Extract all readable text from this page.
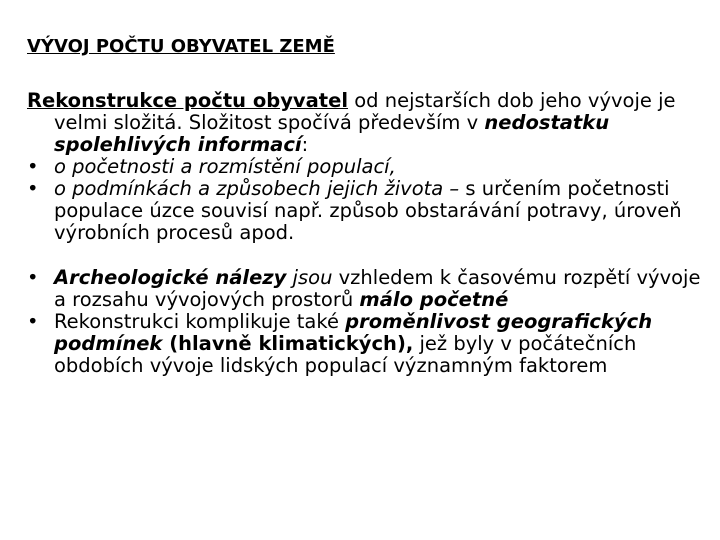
VÝVOJ POČTU OBYVATEL ZEMĚ

Rekonstrukce počtu obyvatel od nejstarších dob jeho vývoje je velmi složitá. Složitost spočívá především v nedostatku spolehlivých informací:

• o početnosti a rozmístění populací,
• o podmínkách a způsobech jejich života – s určením početnosti populace úzce souvisí např. způsob obstarávání potravy, úroveň výrobních procesů apod.
• Archeologické nálezy jsou vzhledem k časovému rozpětí vývoje a rozsahu vývojových prostorů málo početné
• Rekonstrukci komplikuje také proměnlivost geografických podmínek (hlavně klimatických), jež byly v počátečních obdobích vývoje lidských populací významným faktorem
